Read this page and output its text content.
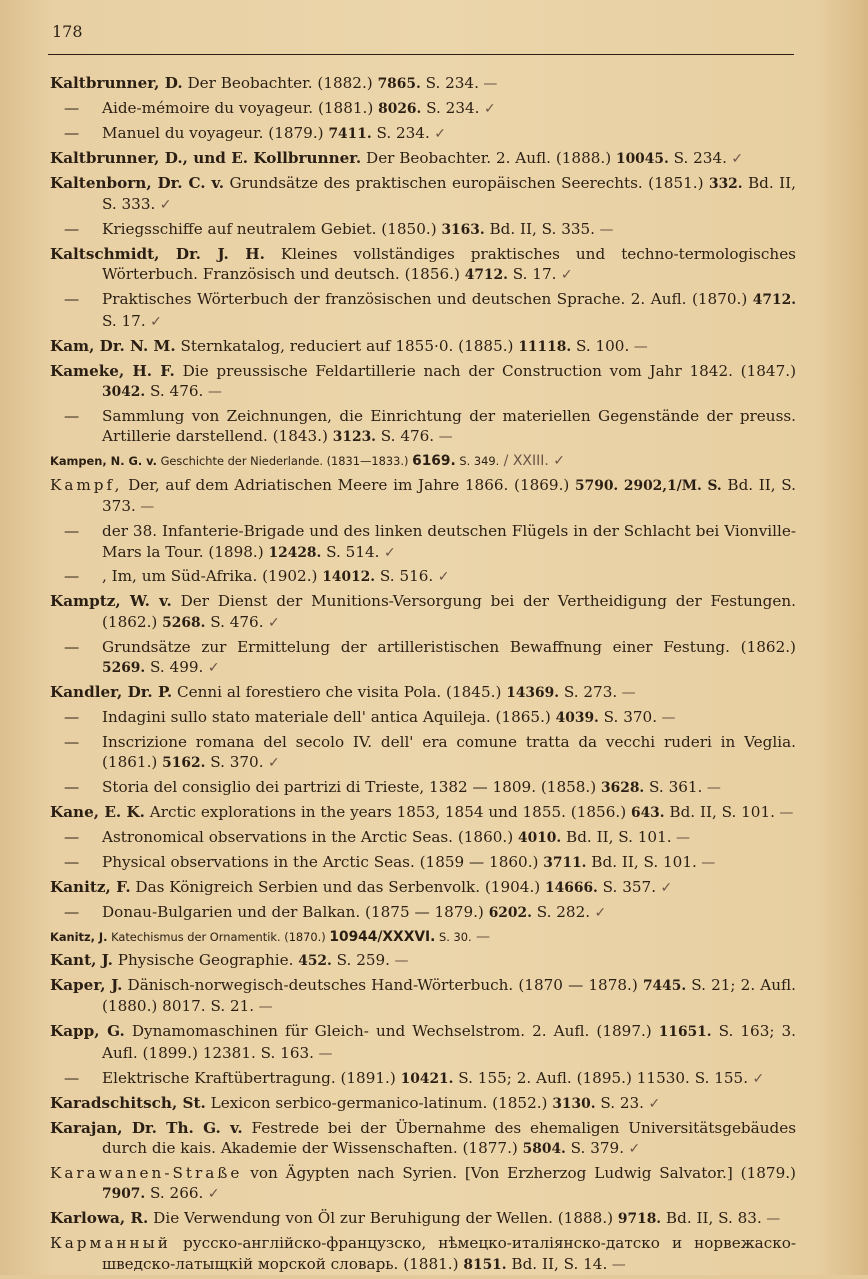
178
Kaltbrunner, D. Der Beobachter. (1882.) 7865. S. 234. —
— Aide-mémoire du voyageur. (1881.) 8026. S. 234. ✓
— Manuel du voyageur. (1879.) 7411. S. 234. ✓
Kaltbrunner, D., und E. Kollbrunner. Der Beobachter. 2. Aufl. (1888.) 10045. S. 234. ✓
Kaltenborn, Dr. C. v. Grundsätze des praktischen europäischen Seerechts. (1851.) 332. Bd. II, S. 333. ✓
— Kriegsschiffe auf neutralem Gebiet. (1850.) 3163. Bd. II, S. 335. —
Kaltschmidt, Dr. J. H. Kleines vollständiges praktisches und techno-termologisches Wörterbuch. Französisch und deutsch. (1856.) 4712. S. 17. ✓
— Praktisches Wörterbuch der französischen und deutschen Sprache. 2. Aufl. (1870.) 4712. S. 17. ✓
Kam, Dr. N. M. Sternkatalog, reduciert auf 1855·0. (1885.) 11118. S. 100. —
Kameke, H. F. Die preussische Feldartillerie nach der Construction vom Jahr 1842. (1847.) 3042. S. 476. —
— Sammlung von Zeichnungen, die Einrichtung der materiellen Gegenstände der preuss. Artillerie darstellend. (1843.) 3123. S. 476. —
Kampen, N. G. v. Geschichte der Niederlande. (1831—1833.) 6169. S. 349. / XXIII. ✓
Kampf, Der, auf dem Adriatischen Meere im Jahre 1866. (1869.) 5790. 2902,1/M. S. Bd. II, S. 373. —
— der 38. Infanterie-Brigade und des linken deutschen Flügels in der Schlacht bei Vionville-Mars la Tour. (1898.) 12428. S. 514. ✓
— , Im, um Süd-Afrika. (1902.) 14012. S. 516. ✓
Kamptz, W. v. Der Dienst der Munitions-Versorgung bei der Vertheidigung der Festungen. (1862.) 5268. S. 476. ✓
— Grundsätze zur Ermittelung der artilleristischen Bewaffnung einer Festung. (1862.) 5269. S. 499. ✓
Kandler, Dr. P. Cenni al forestiero che visita Pola. (1845.) 14369. S. 273. —
— Indagini sullo stato materiale dell' antica Aquileja. (1865.) 4039. S. 370. —
— Inscrizione romana del secolo IV. dell' era comune tratta da vecchi ruderi in Veglia. (1861.) 5162. S. 370. ✓
— Storia del consiglio dei partrizi di Trieste, 1382 — 1809. (1858.) 3628. S. 361. —
Kane, E. K. Arctic explorations in the years 1853, 1854 und 1855. (1856.) 643. Bd. II, S. 101. —
— Astronomical observations in the Arctic Seas. (1860.) 4010. Bd. II, S. 101. —
— Physical observations in the Arctic Seas. (1859 — 1860.) 3711. Bd. II, S. 101. —
Kanitz, F. Das Königreich Serbien und das Serbenvolk. (1904.) 14666. S. 357. ✓
— Donau-Bulgarien und der Balkan. (1875 — 1879.) 6202. S. 282. ✓
Kanitz, J. Katechismus der Ornamentik. (1870.) 10944/XXXVI. S. 30. —
Kant, J. Physische Geographie. 452. S. 259. —
Kaper, J. Dänisch-norwegisch-deutsches Hand-Wörterbuch. (1870 — 1878.) 7445. S. 21; 2. Aufl. (1880.) 8017. S. 21. —
Kapp, G. Dynamomaschinen für Gleich- und Wechselstrom. 2. Aufl. (1897.) 11651. S. 163; 3. Aufl. (1899.) 12381. S. 163. —
— Elektrische Kraftübertragung. (1891.) 10421. S. 155; 2. Aufl. (1895.) 11530. S. 155. ✓
Karadschitsch, St. Lexicon serbico-germanico-latinum. (1852.) 3130. S. 23. ✓
Karajan, Dr. Th. G. v. Festrede bei der Übernahme des ehemaligen Universitätsgebäudes durch die kais. Akademie der Wissenschaften. (1877.) 5804. S. 379. ✓
Karawanen-Straße von Ägypten nach Syrien. [Von Erzherzog Ludwig Salvator.] (1879.) 7907. S. 266. ✓
Karlowa, R. Die Verwendung von Öl zur Beruhigung der Wellen. (1888.) 9718. Bd. II, S. 83. —
Карманный русско-англійско-французско, нѣмецко-италіянско-датско и норвежаско-шведско-латыщкій морской словарь. (1881.) 8151. Bd. II, S. 14. —
